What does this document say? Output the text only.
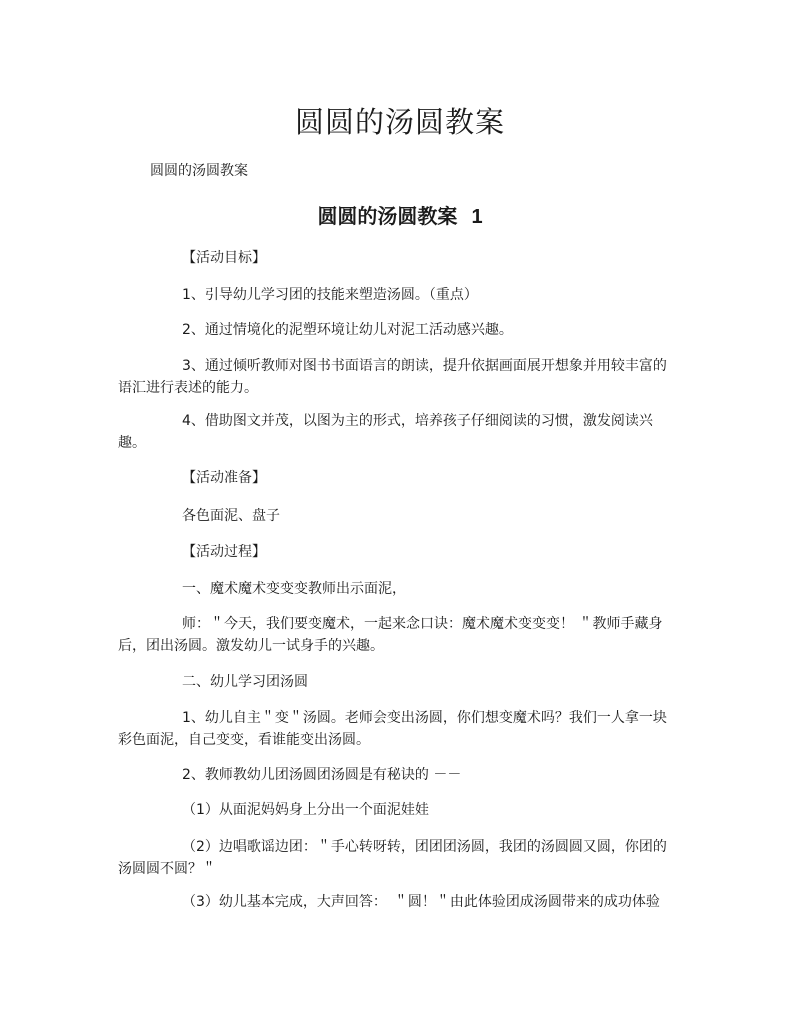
圆圆的汤圆教案

圆圆的汤圆教案

圆圆的汤圆教案 1

【活动目标】

1、引导幼儿学习团的技能来塑造汤圆。（重点）

2、通过情境化的泥塑环境让幼儿对泥工活动感兴趣。

3、通过倾听教师对图书书面语言的朗读，提升依据画面展开想象并用较丰富的语汇进行表述的能力。

4、借助图文并茂，以图为主的形式，培养孩子仔细阅读的习惯，激发阅读兴趣。

【活动准备】

各色面泥、盘子

【活动过程】

一、魔术魔术变变变教师出示面泥，

师：＂今天，我们要变魔术，一起来念口诀：魔术魔术变变变！ ＂教师手藏身后，团出汤圆。激发幼儿一试身手的兴趣。

二、幼儿学习团汤圆

1、幼儿自主＂变＂汤圆。老师会变出汤圆，你们想变魔术吗？我们一人拿一块彩色面泥，自己变变，看谁能变出汤圆。

2、教师教幼儿团汤圆团汤圆是有秘诀的 －－

（1）从面泥妈妈身上分出一个面泥娃娃

（2）边唱歌谣边团：＂手心转呀转，团团团汤圆，我团的汤圆圆又圆，你团的汤圆圆不圆？＂

（3）幼儿基本完成，大声回答：　＂圆！＂由此体验团成汤圆带来的成功体验
